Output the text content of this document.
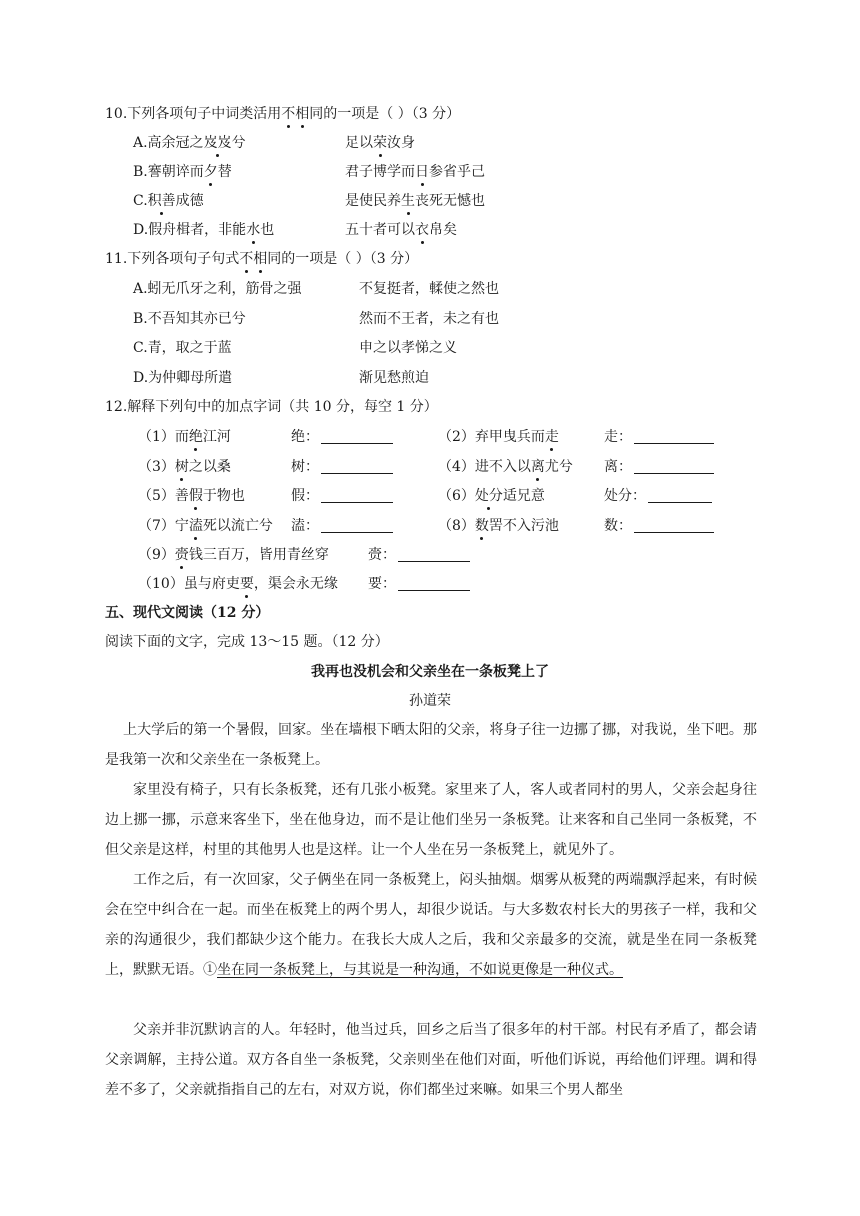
10.下列各项句子中词类活用不相同的一项是（ ）（3 分）
A.高余冠之岌岌兮	足以荣汝身
B.謇朝谇而夕替	君子博学而日参省乎己
C.积善成德	是使民养生丧死无憾也
D.假舟楫者，非能水也	五十者可以衣帛矣
11.下列各项句子句式不相同的一项是（ ）（3 分）
A.蚓无爪牙之利，筋骨之强	不复挺者，輮使之然也
B.不吾知其亦已兮	然而不王者，未之有也
C.青，取之于蓝	申之以孝悌之义
D.为仲卿母所遣	渐见愁煎迫
12.解释下列句中的加点字词（共 10 分，每空 1 分）
（1）而绝江河	绝：	（2）弃甲曳兵而走	走：
（3）树之以桑	树：	（4）进不入以离尤兮 离：
（5）善假于物也	假：	（6）处分适兄意	处分：
（7）宁溘死以流亡兮 溘：	（8）数罟不入污池	数：
（9）赍钱三百万，皆用青丝穿	赍：
（10）虽与府吏要，渠会永无缘 要：
五、现代文阅读（12 分）
阅读下面的文字，完成 13～15 题。（12 分）
我再也没机会和父亲坐在一条板凳上了
孙道荣
上大学后的第一个暑假，回家。坐在墙根下晒太阳的父亲，将身子往一边挪了挪，对我说，坐下吧。那是我第一次和父亲坐在一条板凳上。
家里没有椅子，只有长条板凳，还有几张小板凳。家里来了人，客人或者同村的男人，父亲会起身往边上挪一挪，示意来客坐下，坐在他身边，而不是让他们坐另一条板凳。让来客和自己坐同一条板凳，不但父亲是这样，村里的其他男人也是这样。让一个人坐在另一条板凳上，就见外了。
工作之后，有一次回家，父子俩坐在同一条板凳上，闷头抽烟。烟雾从板凳的两端飘浮起来，有时候会在空中纠合在一起。而坐在板凳上的两个男人，却很少说话。与大多数农村长大的男孩子一样，我和父亲的沟通很少，我们都缺少这个能力。在我长大成人之后，我和父亲最多的交流，就是坐在同一条板凳上，默默无语。①坐在同一条板凳上，与其说是一种沟通，不如说更像是一种仪式。
父亲并非沉默讷言的人。年轻时，他当过兵，回乡之后当了很多年的村干部。村民有矛盾了，都会请父亲调解，主持公道。双方各自坐一条板凳，父亲则坐在他们对面，听他们诉说，再给他们评理。调和得差不多了，父亲就指指自己的左右，对双方说，你们都坐过来嘛。如果三个男人都坐
